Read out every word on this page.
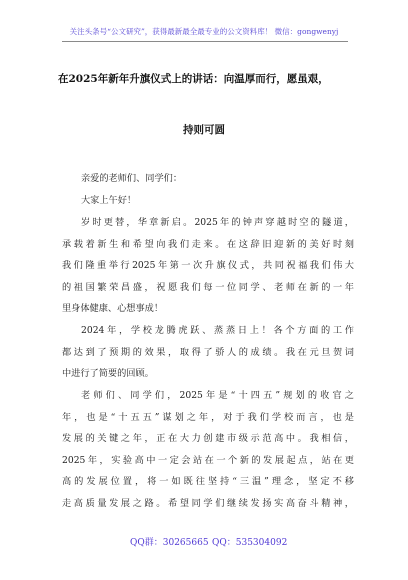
关注头条号“公文研究”，获得最新最全最专业的公文资料库！ 微信：gongwenyj
在2025年新年升旗仪式上的讲话：向温厚而行，愿虽艰，
持则可圆

亲爱的老师们、同学们：

大家上午好！

岁时更替，华章新启。2025年的钟声穿越时空的隧道，
承载着新生和希望向我们走来。在这辞旧迎新的美好时刻
我们隆重举行2025年第一次升旗仪式，共同祝福我们伟大
的祖国繁荣昌盛，祝愿我们每一位同学、老师在新的一年
里身体健康、心想事成！
2024年，学校龙腾虎跃、蒸蒸日上！各个方面的工作
都达到了预期的效果，取得了骄人的成绩。我在元旦贺词
中进行了简要的回顾。
老师们、同学们，2025年是“十四五”规划的收官之
年，也是“十五五”谋划之年，对于我们学校而言，也是
发展的关键之年，正在大力创建市级示范高中。我相信，
2025年，实验高中一定会站在一个新的发展起点，站在更
高的发展位置，将一如既往坚持“三温”理念，坚定不移
走高质量发展之路。希望同学们继续发扬实高奋斗精神，
QQ群：30265665 QQ：535304092
